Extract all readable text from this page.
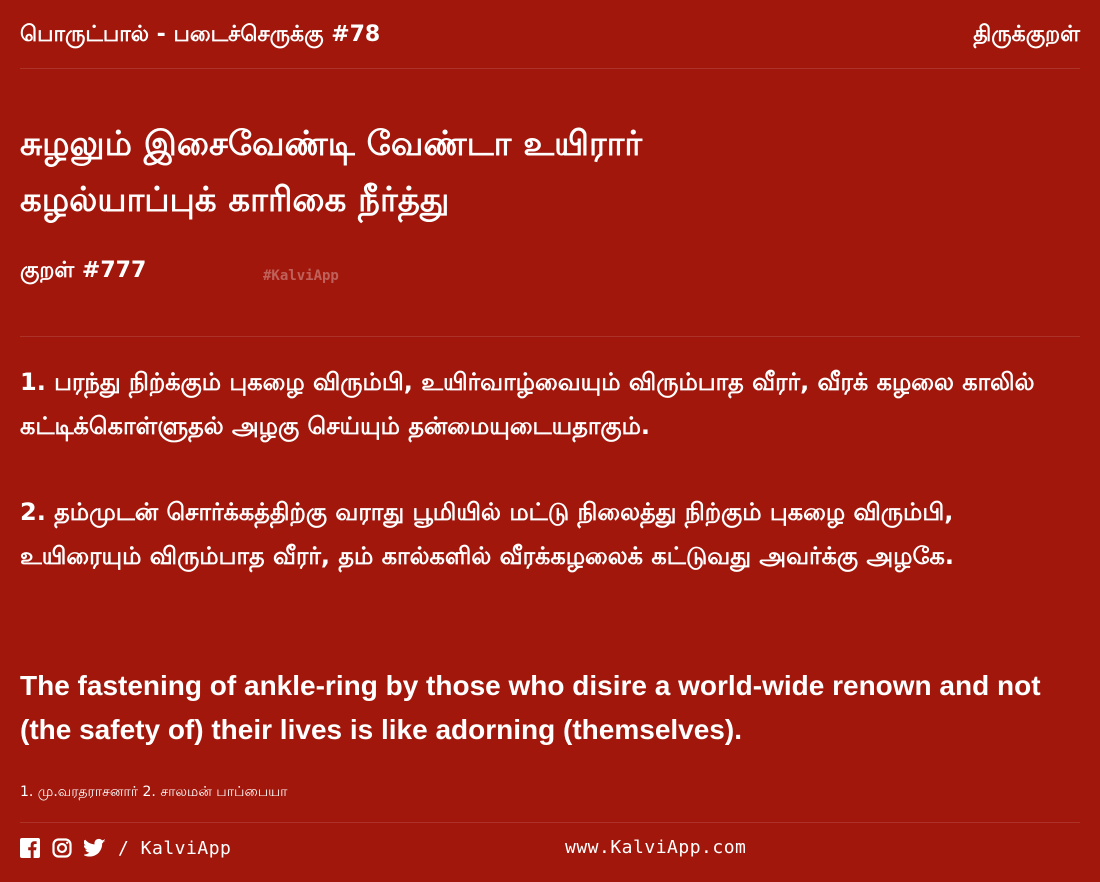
பொருட்பால் - படைச்செருக்கு #78	திருக்குறள்
சுழலும் இசைவேண்டி வேண்டா உயிரார்
கழல்யாப்புக் காரிகை நீர்த்து
குறள் #777	#KalviApp
1. பரந்து நிற்க்கும் புகழை விரும்பி, உயிர்வாழ்வையும் விரும்பாத வீரர், வீரக் கழலை காலில் கட்டிக்கொள்ளுதல் அழகு செய்யும் தன்மையுடையதாகும்.
2. தம்முடன் சொர்க்கத்திற்கு வராது பூமியில் மட்டு நிலைத்து நிற்கும் புகழை விரும்பி, உயிரையும் விரும்பாத வீரர், தம் கால்களில் வீரக்கழலைக் கட்டுவது அவர்க்கு அழகே.
The fastening of ankle-ring by those who disire a world-wide renown and not (the safety of) their lives is like adorning (themselves).
1. மு.வரதராசனார் 2. சாலமன் பாப்பையா
/ KalviApp	www.KalviApp.com
